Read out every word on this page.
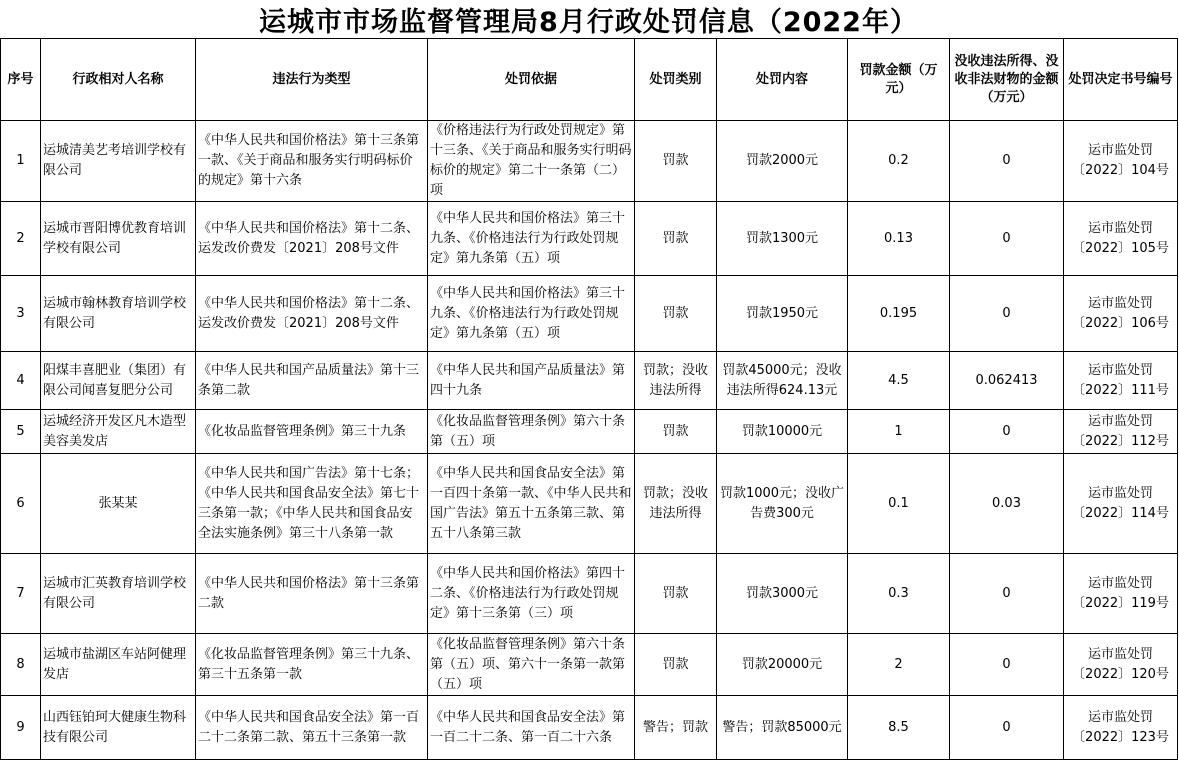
运城市市场监督管理局8月行政处罚信息（2022年）
序号	行政相对人名称	违法行为类型	处罚依据	处罚类别	处罚内容	罚款金额（万元）	没收违法所得、没收非法财物的金额（万元）	处罚决定书号编号
1	运城清美艺考培训学校有限公司	《中华人民共和国价格法》第十三条第一款、《关于商品和服务实行明码标价的规定》第十六条	《价格违法行为行政处罚规定》第十三条、《关于商品和服务实行明码标价的规定》第二十一条第（二）项	罚款	罚款2000元	0.2	0	运市监处罚〔2022〕104号
2	运城市晋阳博优教育培训学校有限公司	《中华人民共和国价格法》第十二条、运发改价费发〔2021〕208号文件	《中华人民共和国价格法》第三十九条、《价格违法行为行政处罚规定》第九条第（五）项	罚款	罚款1300元	0.13	0	运市监处罚〔2022〕105号
3	运城市翰林教育培训学校有限公司	《中华人民共和国价格法》第十二条、运发改价费发〔2021〕208号文件	《中华人民共和国价格法》第三十九条、《价格违法行为行政处罚规定》第九条第（五）项	罚款	罚款1950元	0.195	0	运市监处罚〔2022〕106号
4	阳煤丰喜肥业（集团）有限公司闻喜复肥分公司	《中华人民共和国产品质量法》第十三条第二款	《中华人民共和国产品质量法》第四十九条	罚款；没收违法所得	罚款45000元；没收违法所得624.13元	4.5	0.062413	运市监处罚〔2022〕111号
5	运城经济开发区凡木造型美容美发店	《化妆品监督管理条例》第三十九条	《化妆品监督管理条例》第六十条第（五）项	罚款	罚款10000元	1	0	运市监处罚〔2022〕112号
6	张某某	《中华人民共和国广告法》第十七条；《中华人民共和国食品安全法》第七十三条第一款；《中华人民共和国食品安全法实施条例》第三十八条第一款	《中华人民共和国食品安全法》第一百四十条第一款、《中华人民共和国广告法》第五十五条第三款、第五十八条第三款	罚款；没收违法所得	罚款1000元；没收广告费300元	0.1	0.03	运市监处罚〔2022〕114号
7	运城市汇英教育培训学校有限公司	《中华人民共和国价格法》第十三条第二款	《中华人民共和国价格法》第四十二条、《价格违法行为行政处罚规定》第十三条第（三）项	罚款	罚款3000元	0.3	0	运市监处罚〔2022〕119号
8	运城市盐湖区车站阿健理发店	《化妆品监督管理条例》第三十九条、第三十五条第一款	《化妆品监督管理条例》第六十条第（五）项、第六十一条第一款第（五）项	罚款	罚款20000元	2	0	运市监处罚〔2022〕120号
9	山西钰铂珂大健康生物科技有限公司	《中华人民共和国食品安全法》第一百二十二条第二款、第五十三条第一款	《中华人民共和国食品安全法》第一百二十二条、第一百二十六条	警告；罚款	警告；罚款85000元	8.5	0	运市监处罚〔2022〕123号
